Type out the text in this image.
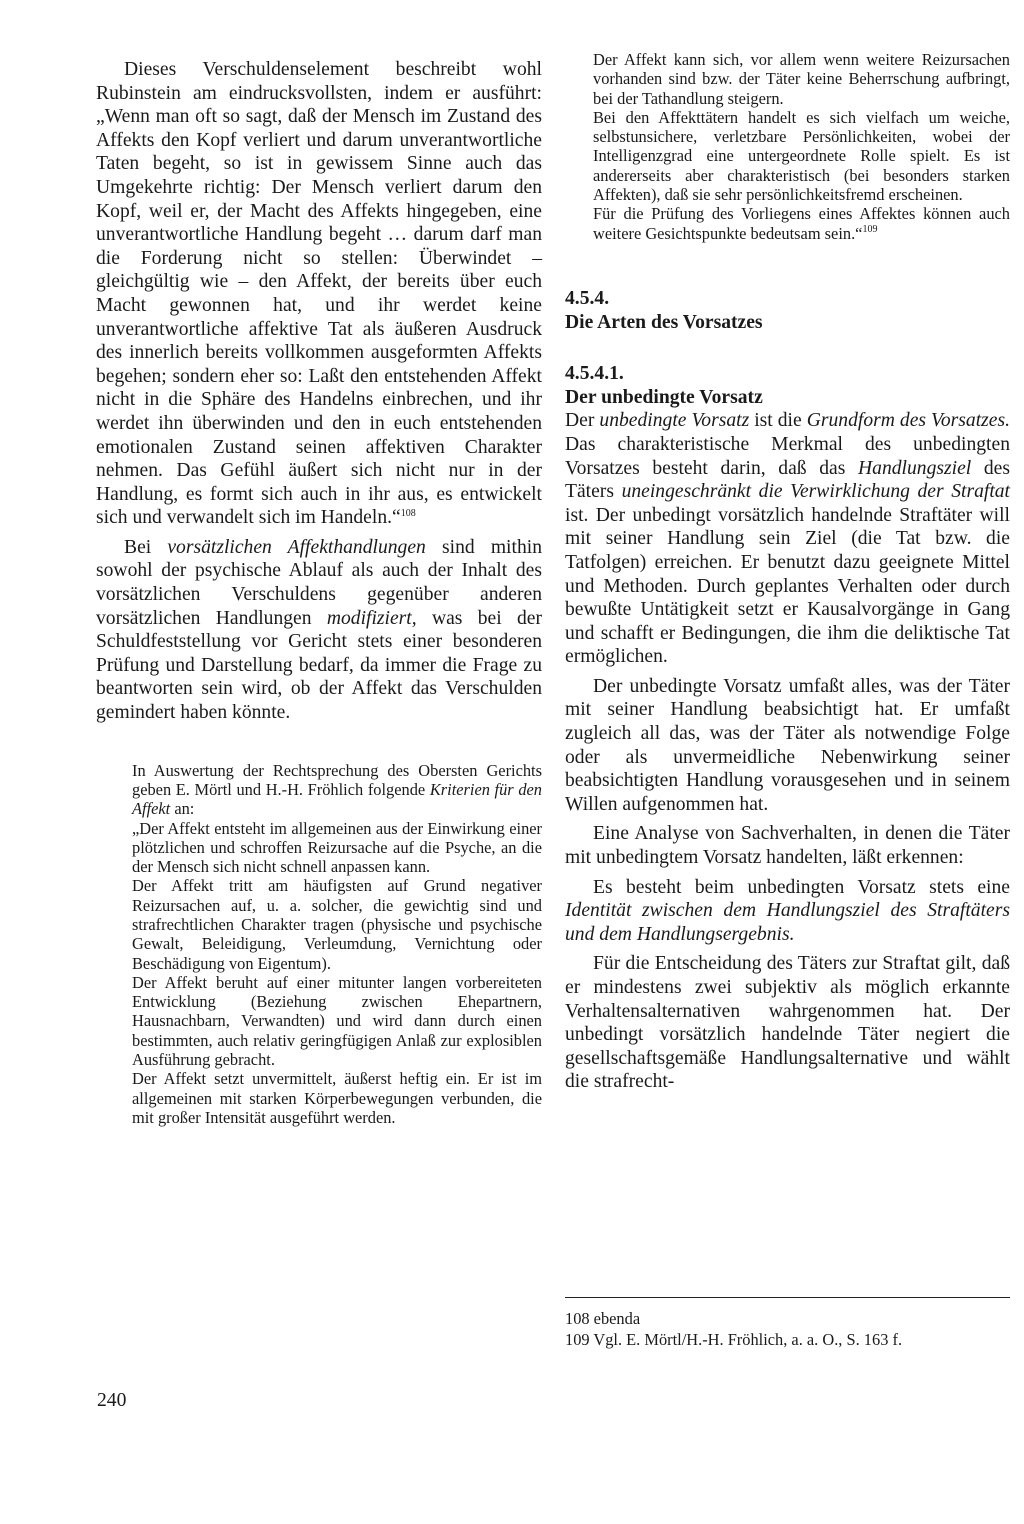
Dieses Verschuldenselement beschreibt wohl Rubinstein am eindrucksvollsten, indem er ausführt: „Wenn man oft so sagt, daß der Mensch im Zustand des Affekts den Kopf verliert und darum unverantwortliche Taten begeht, so ist in gewissem Sinne auch das Umgekehrte richtig: Der Mensch verliert darum den Kopf, weil er, der Macht des Affekts hingegeben, eine unverantwortliche Handlung begeht … darum darf man die Forderung nicht so stellen: Überwindet – gleichgültig wie – den Affekt, der bereits über euch Macht gewonnen hat, und ihr werdet keine unverantwortliche affektive Tat als äußeren Ausdruck des innerlich bereits vollkommen ausgeformten Affekts begehen; sondern eher so: Laßt den entstehenden Affekt nicht in die Sphäre des Handelns einbrechen, und ihr werdet ihn überwinden und den in euch entstehenden emotionalen Zustand seinen affektiven Charakter nehmen. Das Gefühl äußert sich nicht nur in der Handlung, es formt sich auch in ihr aus, es entwickelt sich und verwandelt sich im Handeln.“$^{108}$

Bei vorsätzlichen Affekthandlungen sind mithin sowohl der psychische Ablauf als auch der Inhalt des vorsätzlichen Verschuldens gegenüber anderen vorsätzlichen Handlungen modifiziert, was bei der Schuldfeststellung vor Gericht stets einer besonderen Prüfung und Darstellung bedarf, da immer die Frage zu beantworten sein wird, ob der Affekt das Verschulden gemindert haben könnte.

In Auswertung der Rechtsprechung des Obersten Gerichts geben E. Mörtl und H.-H. Fröhlich folgende Kriterien für den Affekt an:

„Der Affekt entsteht im allgemeinen aus der Einwirkung einer plötzlichen und schroffen Reizursache auf die Psyche, an die der Mensch sich nicht schnell anpassen kann.

Der Affekt tritt am häufigsten auf Grund negativer Reizursachen auf, u. a. solcher, die gewichtig sind und strafrechtlichen Charakter tragen (physische und psychische Gewalt, Beleidigung, Verleumdung, Vernichtung oder Beschädigung von Eigentum).

Der Affekt beruht auf einer mitunter langen vorbereiteten Entwicklung (Beziehung zwischen Ehepartnern, Hausnachbarn, Verwandten) und wird dann durch einen bestimmten, auch relativ geringfügigen Anlaß zur explosiblen Ausführung gebracht.

Der Affekt setzt unvermittelt, äußerst heftig ein. Er ist im allgemeinen mit starken Körperbewegungen verbunden, die mit großer Intensität ausgeführt werden.

240

Der Affekt kann sich, vor allem wenn weitere Reizursachen vorhanden sind bzw. der Täter keine Beherrschung aufbringt, bei der Tathandlung steigern.

Bei den Affekttätern handelt es sich vielfach um weiche, selbstunsichere, verletzbare Persönlichkeiten, wobei der Intelligenzgrad eine untergeordnete Rolle spielt. Es ist andererseits aber charakteristisch (bei besonders starken Affekten), daß sie sehr persönlichkeitsfremd erscheinen.

Für die Prüfung des Vorliegens eines Affektes können auch weitere Gesichtspunkte bedeutsam sein.“$^{109}$

4.5.4.

Die Arten des Vorsatzes

4.5.4.1.

Der unbedingte Vorsatz

Der unbedingte Vorsatz ist die Grundform des Vorsatzes. Das charakteristische Merkmal des unbedingten Vorsatzes besteht darin, daß das Handlungsziel des Täters uneingeschränkt die Verwirklichung der Straftat ist. Der unbedingt vorsätzlich handelnde Straftäter will mit seiner Handlung sein Ziel (die Tat bzw. die Tatfolgen) erreichen. Er benutzt dazu geeignete Mittel und Methoden. Durch geplantes Verhalten oder durch bewußte Untätigkeit setzt er Kausalvorgänge in Gang und schafft er Bedingungen, die ihm die deliktische Tat ermöglichen.

Der unbedingte Vorsatz umfaßt alles, was der Täter mit seiner Handlung beabsichtigt hat. Er umfaßt zugleich all das, was der Täter als notwendige Folge oder als unvermeidliche Nebenwirkung seiner beabsichtigten Handlung vorausgesehen und in seinem Willen aufgenommen hat.

Eine Analyse von Sachverhalten, in denen die Täter mit unbedingtem Vorsatz handelten, läßt erkennen:

Es besteht beim unbedingten Vorsatz stets eine Identität zwischen dem Handlungsziel des Straftäters und dem Handlungsergebnis.

Für die Entscheidung des Täters zur Straftat gilt, daß er mindestens zwei subjektiv als möglich erkannte Verhaltensalternativen wahrgenommen hat. Der unbedingt vorsätzlich handelnde Täter negiert die gesellschaftsgemäße Handlungsalternative und wählt die strafrecht-

108 ebenda
109 Vgl. E. Mörtl/H.-H. Fröhlich, a. a. O., S. 163 f.
